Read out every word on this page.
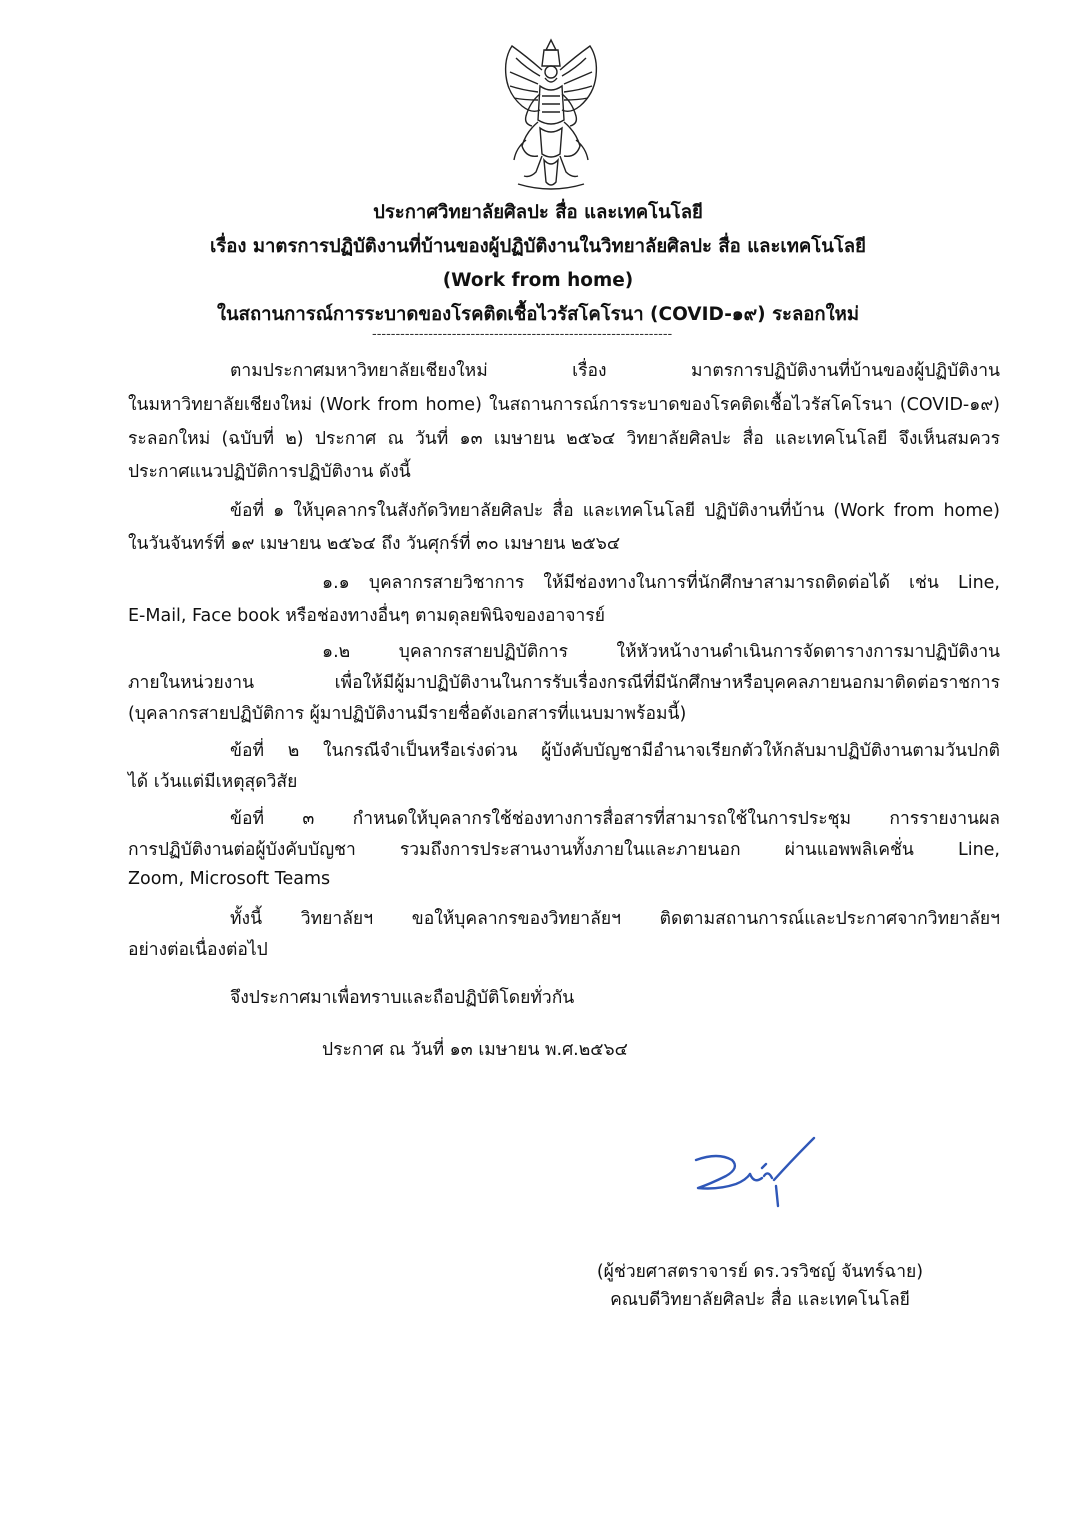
ประกาศวิทยาลัยศิลปะ สื่อ และเทคโนโลยี
เรื่อง มาตรการปฏิบัติงานที่บ้านของผู้ปฏิบัติงานในวิทยาลัยศิลปะ สื่อ และเทคโนโลยี
(Work from home)
ในสถานการณ์การระบาดของโรคติดเชื้อไวรัสโคโรนา (COVID-๑๙) ระลอกใหม่
----------------------------------------------------------------
ตามประกาศมหาวิทยาลัยเชียงใหม่ เรื่อง มาตรการปฏิบัติงานที่บ้านของผู้ปฏิบัติงาน
ในมหาวิทยาลัยเชียงใหม่ (Work from home) ในสถานการณ์การระบาดของโรคติดเชื้อไวรัสโคโรนา (COVID-๑๙)
ระลอกใหม่ (ฉบับที่ ๒) ประกาศ ณ วันที่ ๑๓ เมษายน ๒๕๖๔ วิทยาลัยศิลปะ สื่อ และเทคโนโลยี จึงเห็นสมควร
ประกาศแนวปฏิบัติการปฏิบัติงาน ดังนี้
ข้อที่ ๑ ให้บุคลากรในสังกัดวิทยาลัยศิลปะ สื่อ และเทคโนโลยี ปฏิบัติงานที่บ้าน (Work from home)
ในวันจันทร์ที่ ๑๙ เมษายน ๒๕๖๔ ถึง วันศุกร์ที่ ๓๐ เมษายน ๒๕๖๔
๑.๑ บุคลากรสายวิชาการ ให้มีช่องทางในการที่นักศึกษาสามารถติดต่อได้ เช่น Line,
E-Mail, Face book หรือช่องทางอื่นๆ ตามดุลยพินิจของอาจารย์
๑.๒ บุคลากรสายปฏิบัติการ ให้หัวหน้างานดำเนินการจัดตารางการมาปฏิบัติงาน
ภายในหน่วยงาน เพื่อให้มีผู้มาปฏิบัติงานในการรับเรื่องกรณีที่มีนักศึกษาหรือบุคคลภายนอกมาติดต่อราชการ
(บุคลากรสายปฏิบัติการ ผู้มาปฏิบัติงานมีรายชื่อดังเอกสารที่แนบมาพร้อมนี้)
ข้อที่ ๒ ในกรณีจำเป็นหรือเร่งด่วน ผู้บังคับบัญชามีอำนาจเรียกตัวให้กลับมาปฏิบัติงานตามวันปกติ
ได้ เว้นแต่มีเหตุสุดวิสัย
ข้อที่ ๓ กำหนดให้บุคลากรใช้ช่องทางการสื่อสารที่สามารถใช้ในการประชุม การรายงานผล
การปฏิบัติงานต่อผู้บังคับบัญชา รวมถึงการประสานงานทั้งภายในและภายนอก ผ่านแอพพลิเคชั่น Line,
Zoom, Microsoft Teams
ทั้งนี้ วิทยาลัยฯ ขอให้บุคลากรของวิทยาลัยฯ ติดตามสถานการณ์และประกาศจากวิทยาลัยฯ
อย่างต่อเนื่องต่อไป
จึงประกาศมาเพื่อทราบและถือปฏิบัติโดยทั่วกัน
ประกาศ ณ วันที่ ๑๓ เมษายน พ.ศ.๒๕๖๔
(ผู้ช่วยศาสตราจารย์ ดร.วรวิชญ์ จันทร์ฉาย)
คณบดีวิทยาลัยศิลปะ สื่อ และเทคโนโลยี
